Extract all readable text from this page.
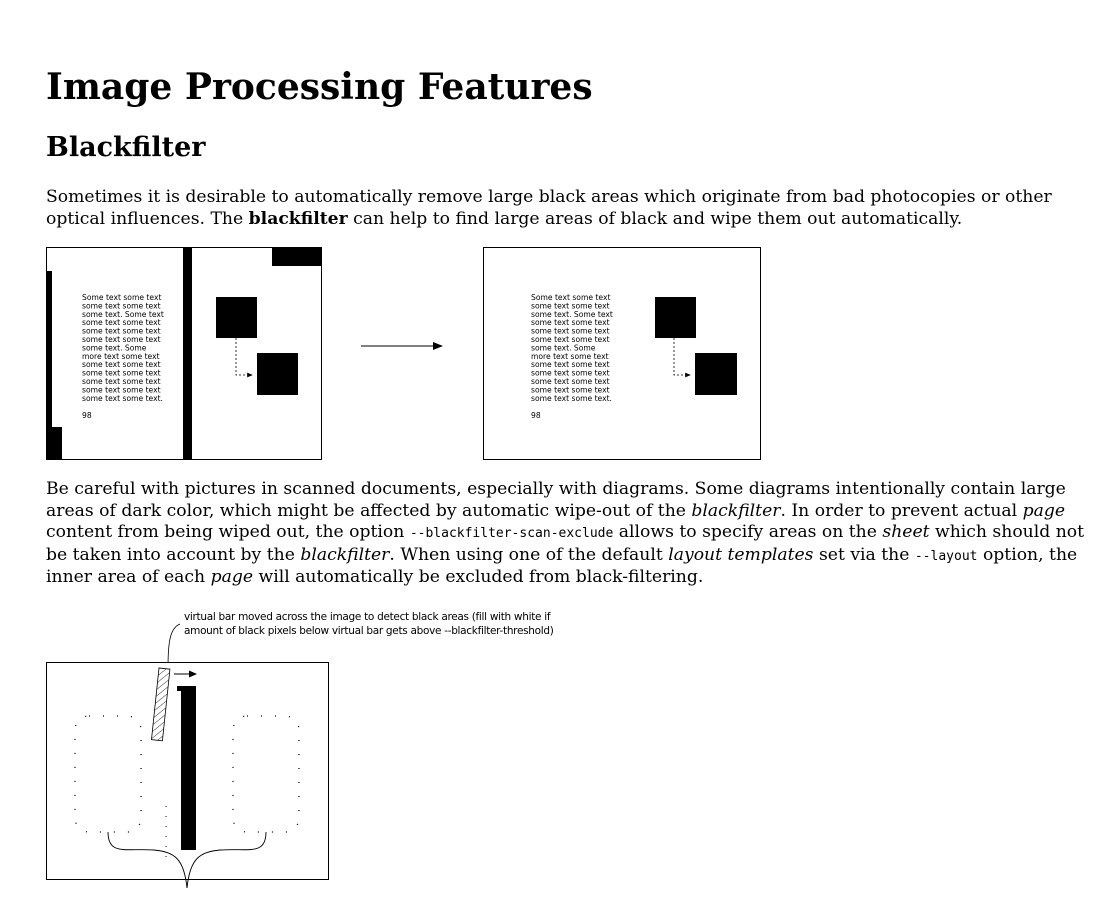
Image Processing Features
Blackfilter

Sometimes it is desirable to automatically remove large black areas which originate from bad photocopies or other optical influences. The blackfilter can help to find large areas of black and wipe them out automatically.

Some text some text
some text some text
some text. Some text
some text some text
some text some text
some text some text
some text. Some
more text some text
some text some text
some text some text
some text some text
some text some text
some text some text.
98
Some text some text
some text some text
some text. Some text
some text some text
some text some text
some text some text
some text. Some
more text some text
some text some text
some text some text
some text some text
some text some text
some text some text.
98

Be careful with pictures in scanned documents, especially with diagrams. Some diagrams intentionally contain large areas of dark color, which might be affected by automatic wipe-out of the blackfilter. In order to prevent actual page content from being wiped out, the option --blackfilter-scan-exclude allows to specify areas on the sheet which should not be taken into account by the blackfilter. When using one of the default layout templates set via the --layout option, the inner area of each page will automatically be excluded from black-filtering.

virtual bar moved across the image to detect black areas (fill with white if
amount of black pixels below virtual bar gets above --blackfilter-threshold)
